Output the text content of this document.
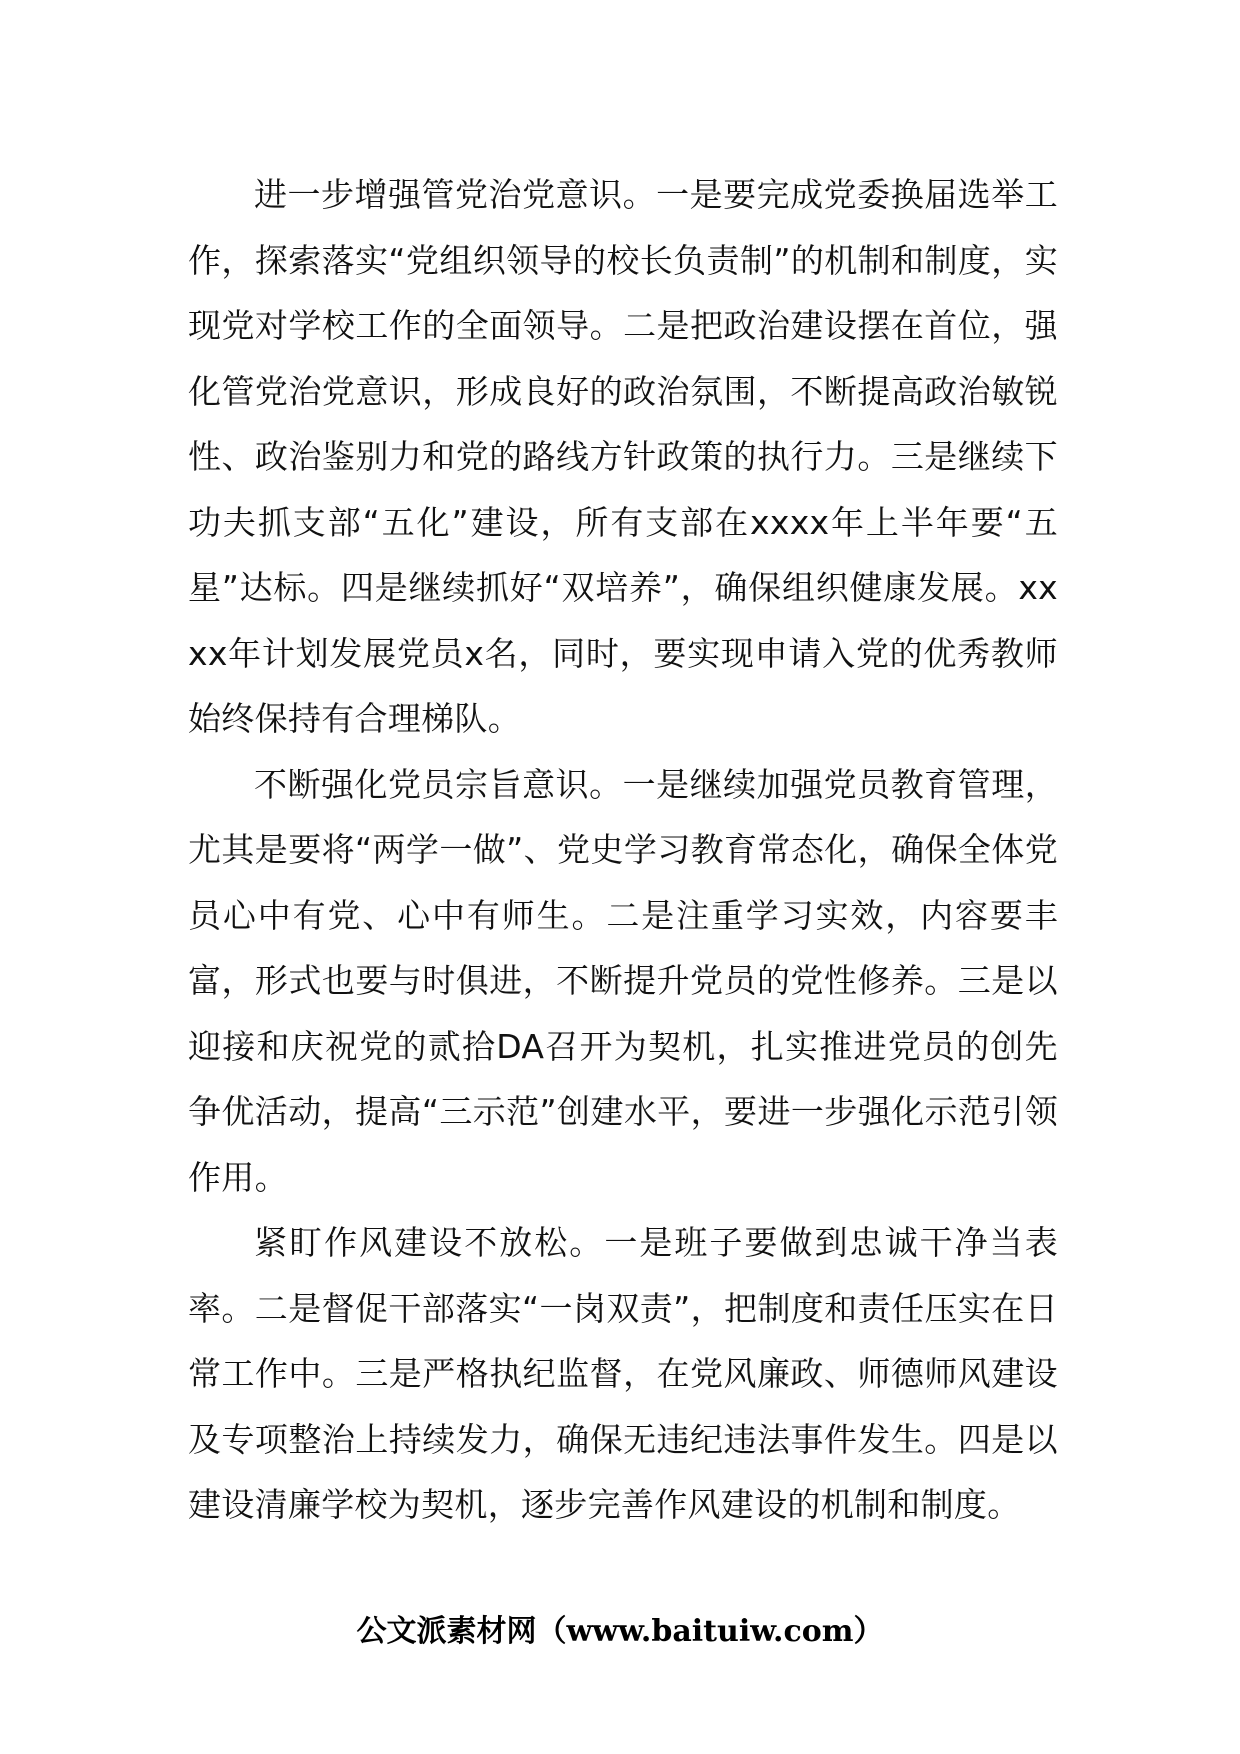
进一步增强管党治党意识。一是要完成党委换届选举工作，探索落实“党组织领导的校长负责制”的机制和制度，实现党对学校工作的全面领导。二是把政治建设摆在首位，强化管党治党意识，形成良好的政治氛围，不断提高政治敏锐性、政治鉴别力和党的路线方针政策的执行力。三是继续下功夫抓支部“五化”建设，所有支部在xxxx年上半年要“五星”达标。四是继续抓好“双培养”，确保组织健康发展。xxxx年计划发展党员x名，同时，要实现申请入党的优秀教师始终保持有合理梯队。

不断强化党员宗旨意识。一是继续加强党员教育管理，尤其是要将“两学一做”、党史学习教育常态化，确保全体党员心中有党、心中有师生。二是注重学习实效，内容要丰富，形式也要与时俱进，不断提升党员的党性修养。三是以迎接和庆祝党的贰拾DA召开为契机，扎实推进党员的创先争优活动，提高“三示范”创建水平，要进一步强化示范引领作用。

紧盯作风建设不放松。一是班子要做到忠诚干净当表率。二是督促干部落实“一岗双责”，把制度和责任压实在日常工作中。三是严格执纪监督，在党风廉政、师德师风建设及专项整治上持续发力，确保无违纪违法事件发生。四是以建设清廉学校为契机，逐步完善作风建设的机制和制度。

公文派素材网（www.baituiw.com）
